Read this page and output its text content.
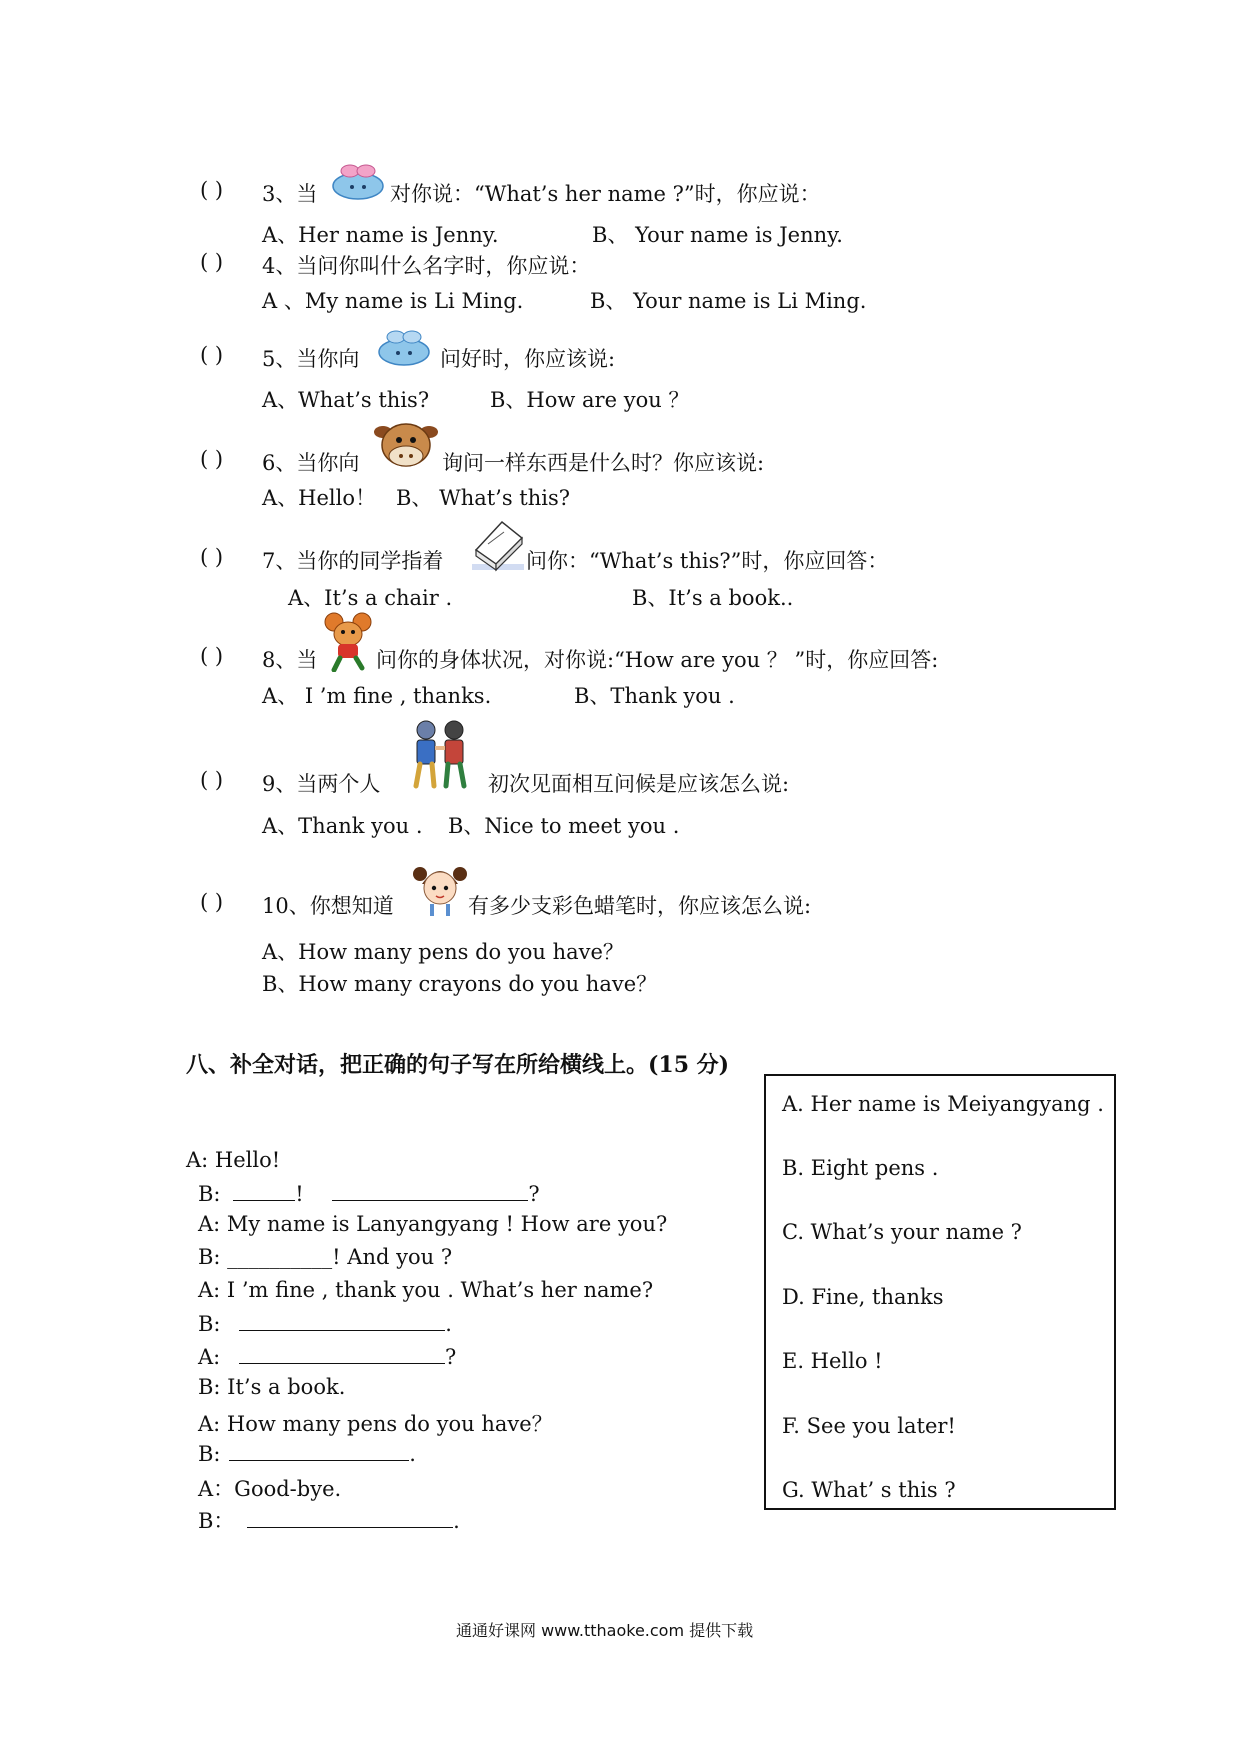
( ) 3、当	对你说：“What’s her name ?”时，你应说：
A、Her name is Jenny.	B、 Your name is Jenny.
( ) 4、当问你叫什么名字时，你应说：
A 、My name is Li Ming.	B、 Your name is Li Ming.
( ) 5、当你向	问好时，你应该说:
A、What’s this?	B、How are you ？
( ) 6、当你向	询问一样东西是什么时？你应该说:
A、Hello！ B、 What’s this?
( ) 7、当你的同学指着	问你：“What’s this?”时，你应回答：
A、It’s a chair .	B、It’s a book..
( ) 8、当	问你的身体状况，对你说:“How are you ？ ”时，你应回答:
A、 I ’m fine , thanks.	B、Thank you .
( ) 9、当两个人	初次见面相互问候是应该怎么说:
A、Thank you . B、Nice to meet you .
( ) 10、你想知道	有多少支彩色蜡笔时，你应该怎么说:
A、How many pens do you have？
B、How many crayons do you have？
八、补全对话，把正确的句子写在所给横线上。(15 分)
A: Hello!
B:	!	?
A: My name is Lanyangyang ! How are you?
B: __________! And you ?
A: I ’m fine , thank you . What’s her name?
B:	.
A:	?
B: It’s a book.
A: How many pens do you have？
B:	.
A：Good-bye.
B：	.
A. Her name is Meiyangyang .
B. Eight pens .
C. What’s your name ?
D. Fine, thanks
E. Hello !
F. See you later!
G. What’ s this ?
通通好课网 www.tthaoke.com 提供下载
